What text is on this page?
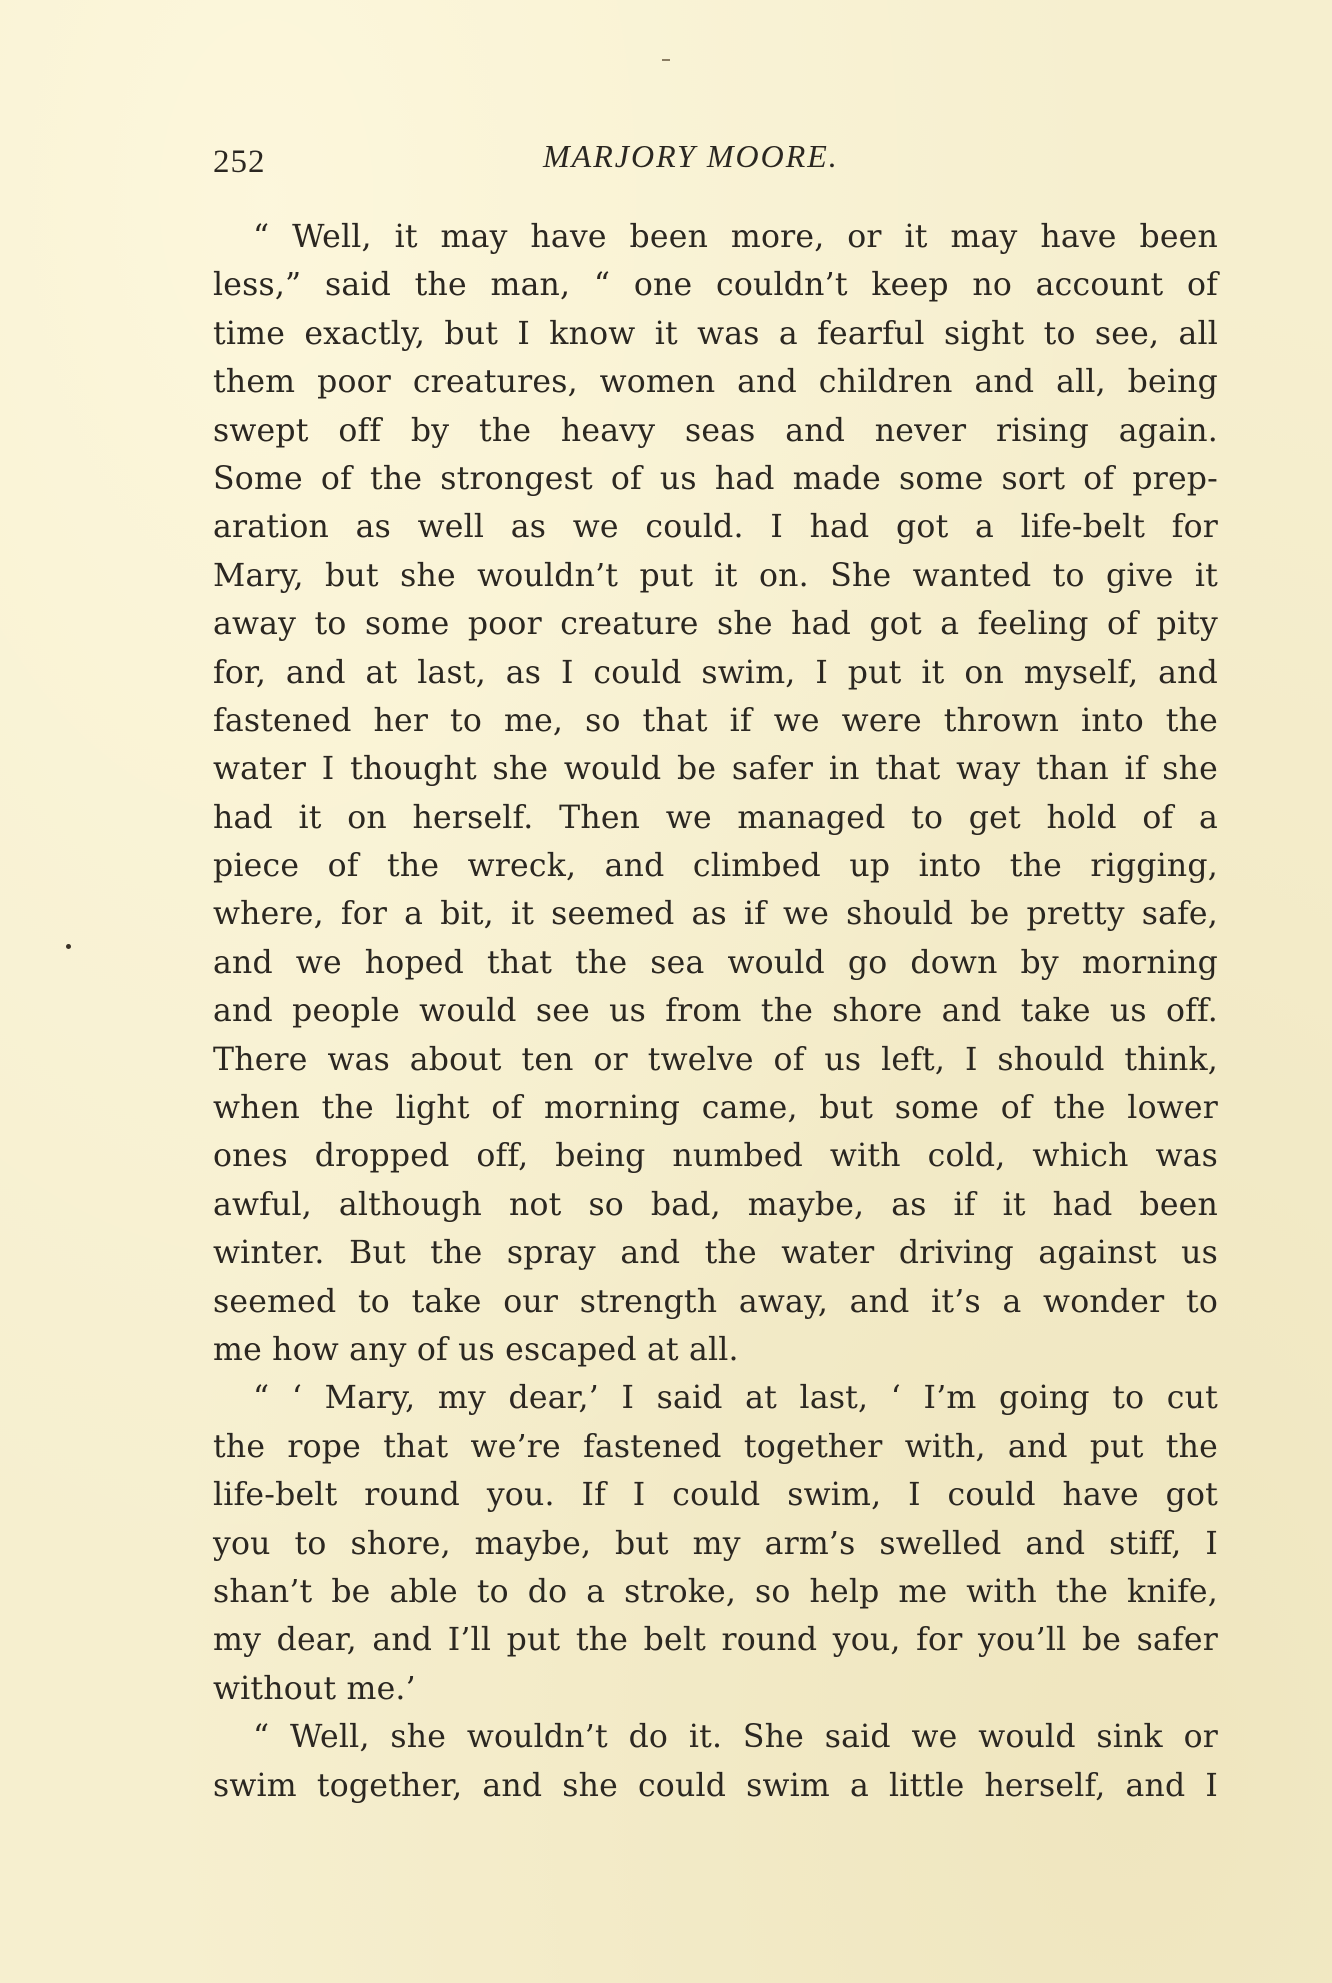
252	MARJORY MOORE.
“ Well, it may have been more, or it may have been
less,” said the man, “ one couldn’t keep no account of
time exactly, but I know it was a fearful sight to see, all
them poor creatures, women and children and all, being
swept off by the heavy seas and never rising again.
Some of the strongest of us had made some sort of prep-
aration as well as we could. I had got a life-belt for
Mary, but she wouldn’t put it on. She wanted to give it
away to some poor creature she had got a feeling of pity
for, and at last, as I could swim, I put it on myself, and
fastened her to me, so that if we were thrown into the
water I thought she would be safer in that way than if she
had it on herself. Then we managed to get hold of a
piece of the wreck, and climbed up into the rigging,
where, for a bit, it seemed as if we should be pretty safe,
and we hoped that the sea would go down by morning
and people would see us from the shore and take us off.
There was about ten or twelve of us left, I should think,
when the light of morning came, but some of the lower
ones dropped off, being numbed with cold, which was
awful, although not so bad, maybe, as if it had been
winter. But the spray and the water driving against us
seemed to take our strength away, and it’s a wonder to
me how any of us escaped at all.
“ ‘ Mary, my dear,’ I said at last, ‘ I’m going to cut
the rope that we’re fastened together with, and put the
life-belt round you. If I could swim, I could have got
you to shore, maybe, but my arm’s swelled and stiff, I
shan’t be able to do a stroke, so help me with the knife,
my dear, and I’ll put the belt round you, for you’ll be safer
without me.’
“ Well, she wouldn’t do it. She said we would sink or
swim together, and she could swim a little herself, and I
